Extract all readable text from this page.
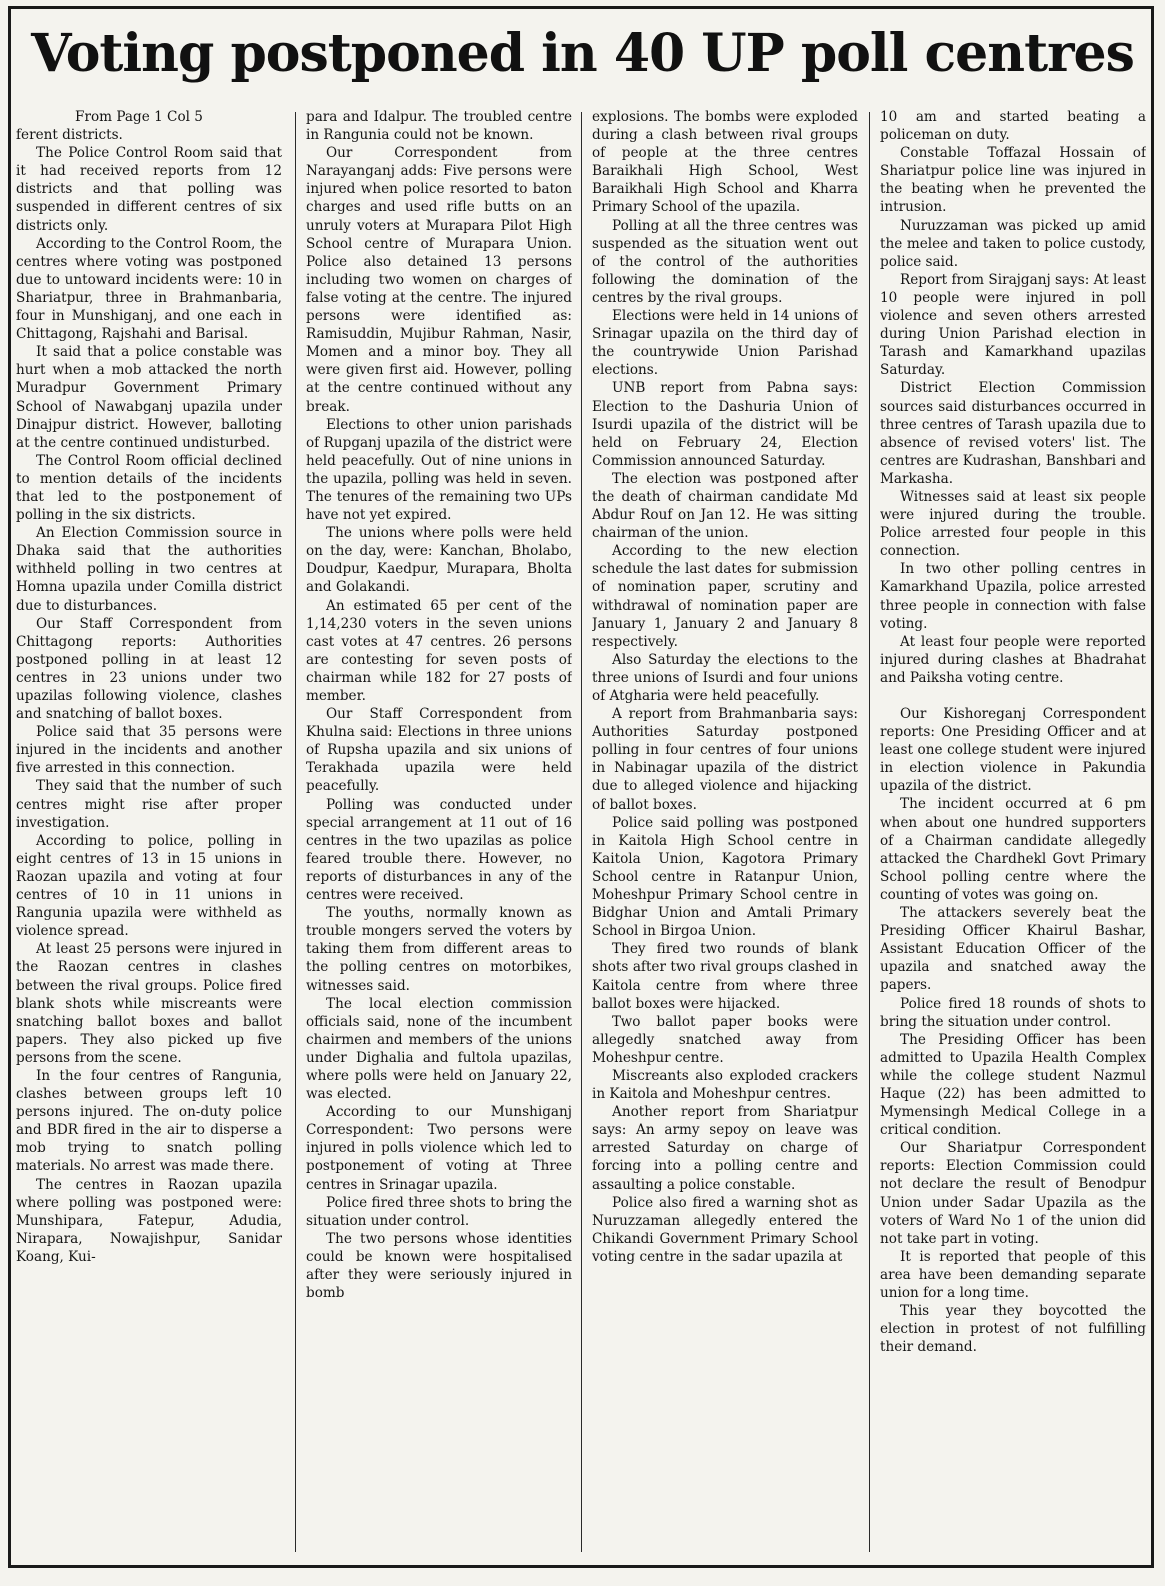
Voting postponed in 40 UP poll centres

From Page 1 Col 5

ferent districts.

The Police Control Room said that it had received reports from 12 districts and that polling was suspended in different centres of six districts only.

According to the Control Room, the centres where voting was postponed due to untoward incidents were: 10 in Shariatpur, three in Brahmanbaria, four in Munshiganj, and one each in Chittagong, Rajshahi and Barisal.

It said that a police constable was hurt when a mob attacked the north Muradpur Government Primary School of Nawabganj upazila under Dinajpur district. However, balloting at the centre continued undisturbed.

The Control Room official declined to mention details of the incidents that led to the postponement of polling in the six districts.

An Election Commission source in Dhaka said that the authorities withheld polling in two centres at Homna upazila under Comilla district due to disturbances.

Our Staff Correspondent from Chittagong reports: Authorities postponed polling in at least 12 centres in 23 unions under two upazilas following violence, clashes and snatching of ballot boxes.

Police said that 35 persons were injured in the incidents and another five arrested in this connection.

They said that the number of such centres might rise after proper investigation.

According to police, polling in eight centres of 13 in 15 unions in Raozan upazila and voting at four centres of 10 in 11 unions in Rangunia upazila were withheld as violence spread.

At least 25 persons were injured in the Raozan centres in clashes between the rival groups. Police fired blank shots while miscreants were snatching ballot boxes and ballot papers. They also picked up five persons from the scene.

In the four centres of Rangunia, clashes between groups left 10 persons injured. The on-duty police and BDR fired in the air to disperse a mob trying to snatch polling materials. No arrest was made there.

The centres in Raozan upazila where polling was postponed were: Munshipara, Fatepur, Adudia, Nirapara, Nowajishpur, Sanidar Koang, Kui-

para and Idalpur. The troubled centre in Rangunia could not be known.

Our Correspondent from Narayanganj adds: Five persons were injured when police resorted to baton charges and used rifle butts on an unruly voters at Murapara Pilot High School centre of Murapara Union. Police also detained 13 persons including two women on charges of false voting at the centre. The injured persons were identified as: Ramisuddin, Mujibur Rahman, Nasir, Momen and a minor boy. They all were given first aid. However, polling at the centre continued without any break.

Elections to other union parishads of Rupganj upazila of the district were held peacefully. Out of nine unions in the upazila, polling was held in seven. The tenures of the remaining two UPs have not yet expired.

The unions where polls were held on the day, were: Kanchan, Bholabo, Doudpur, Kaedpur, Murapara, Bholta and Golakandi.

An estimated 65 per cent of the 1,14,230 voters in the seven unions cast votes at 47 centres. 26 persons are contesting for seven posts of chairman while 182 for 27 posts of member.

Our Staff Correspondent from Khulna said: Elections in three unions of Rupsha upazila and six unions of Terakhada upazila were held peacefully.

Polling was conducted under special arrangement at 11 out of 16 centres in the two upazilas as police feared trouble there. However, no reports of disturbances in any of the centres were received.

The youths, normally known as trouble mongers served the voters by taking them from different areas to the polling centres on motorbikes, witnesses said.

The local election commission officials said, none of the incumbent chairmen and members of the unions under Dighalia and fultola upazilas, where polls were held on January 22, was elected.

According to our Munshiganj Correspondent: Two persons were injured in polls violence which led to postponement of voting at Three centres in Srinagar upazila.

Police fired three shots to bring the situation under control.

The two persons whose identities could be known were hospitalised after they were seriously injured in bomb

explosions. The bombs were exploded during a clash between rival groups of people at the three centres Baraikhali High School, West Baraikhali High School and Kharra Primary School of the upazila.

Polling at all the three centres was suspended as the situation went out of the control of the authorities following the domination of the centres by the rival groups.

Elections were held in 14 unions of Srinagar upazila on the third day of the countrywide Union Parishad elections.

UNB report from Pabna says: Election to the Dashuria Union of Isurdi upazila of the district will be held on February 24, Election Commission announced Saturday.

The election was postponed after the death of chairman candidate Md Abdur Rouf on Jan 12. He was sitting chairman of the union.

According to the new election schedule the last dates for submission of nomination paper, scrutiny and withdrawal of nomination paper are January 1, January 2 and January 8 respectively.

Also Saturday the elections to the three unions of Isurdi and four unions of Atgharia were held peacefully.

A report from Brahmanbaria says: Authorities Saturday postponed polling in four centres of four unions in Nabinagar upazila of the district due to alleged violence and hijacking of ballot boxes.

Police said polling was postponed in Kaitola High School centre in Kaitola Union, Kagotora Primary School centre in Ratanpur Union, Moheshpur Primary School centre in Bidghar Union and Amtali Primary School in Birgoa Union.

They fired two rounds of blank shots after two rival groups clashed in Kaitola centre from where three ballot boxes were hijacked.

Two ballot paper books were allegedly snatched away from Moheshpur centre.

Miscreants also exploded crackers in Kaitola and Moheshpur centres.

Another report from Shariatpur says: An army sepoy on leave was arrested Saturday on charge of forcing into a polling centre and assaulting a police constable.

Police also fired a warning shot as Nuruzzaman allegedly entered the Chikandi Government Primary School voting centre in the sadar upazila at

10 am and started beating a policeman on duty.

Constable Toffazal Hossain of Shariatpur police line was injured in the beating when he prevented the intrusion.

Nuruzzaman was picked up amid the melee and taken to police custody, police said.

Report from Sirajganj says: At least 10 people were injured in poll violence and seven others arrested during Union Parishad election in Tarash and Kamarkhand upazilas Saturday.

District Election Commission sources said disturbances occurred in three centres of Tarash upazila due to absence of revised voters' list. The centres are Kudrashan, Banshbari and Markasha.

Witnesses said at least six people were injured during the trouble. Police arrested four people in this connection.

In two other polling centres in Kamarkhand Upazila, police arrested three people in connection with false voting.

At least four people were reported injured during clashes at Bhadrahat and Paiksha voting centre.

Our Kishoreganj Correspondent reports: One Presiding Officer and at least one college student were injured in election violence in Pakundia upazila of the district.

The incident occurred at 6 pm when about one hundred supporters of a Chairman candidate allegedly attacked the Chardhekl Govt Primary School polling centre where the counting of votes was going on.

The attackers severely beat the Presiding Officer Khairul Bashar, Assistant Education Officer of the upazila and snatched away the papers.

Police fired 18 rounds of shots to bring the situation under control.

The Presiding Officer has been admitted to Upazila Health Complex while the college student Nazmul Haque (22) has been admitted to Mymensingh Medical College in a critical condition.

Our Shariatpur Correspondent reports: Election Commission could not declare the result of Benodpur Union under Sadar Upazila as the voters of Ward No 1 of the union did not take part in voting.

It is reported that people of this area have been demanding separate union for a long time.

This year they boycotted the election in protest of not fulfilling their demand.
